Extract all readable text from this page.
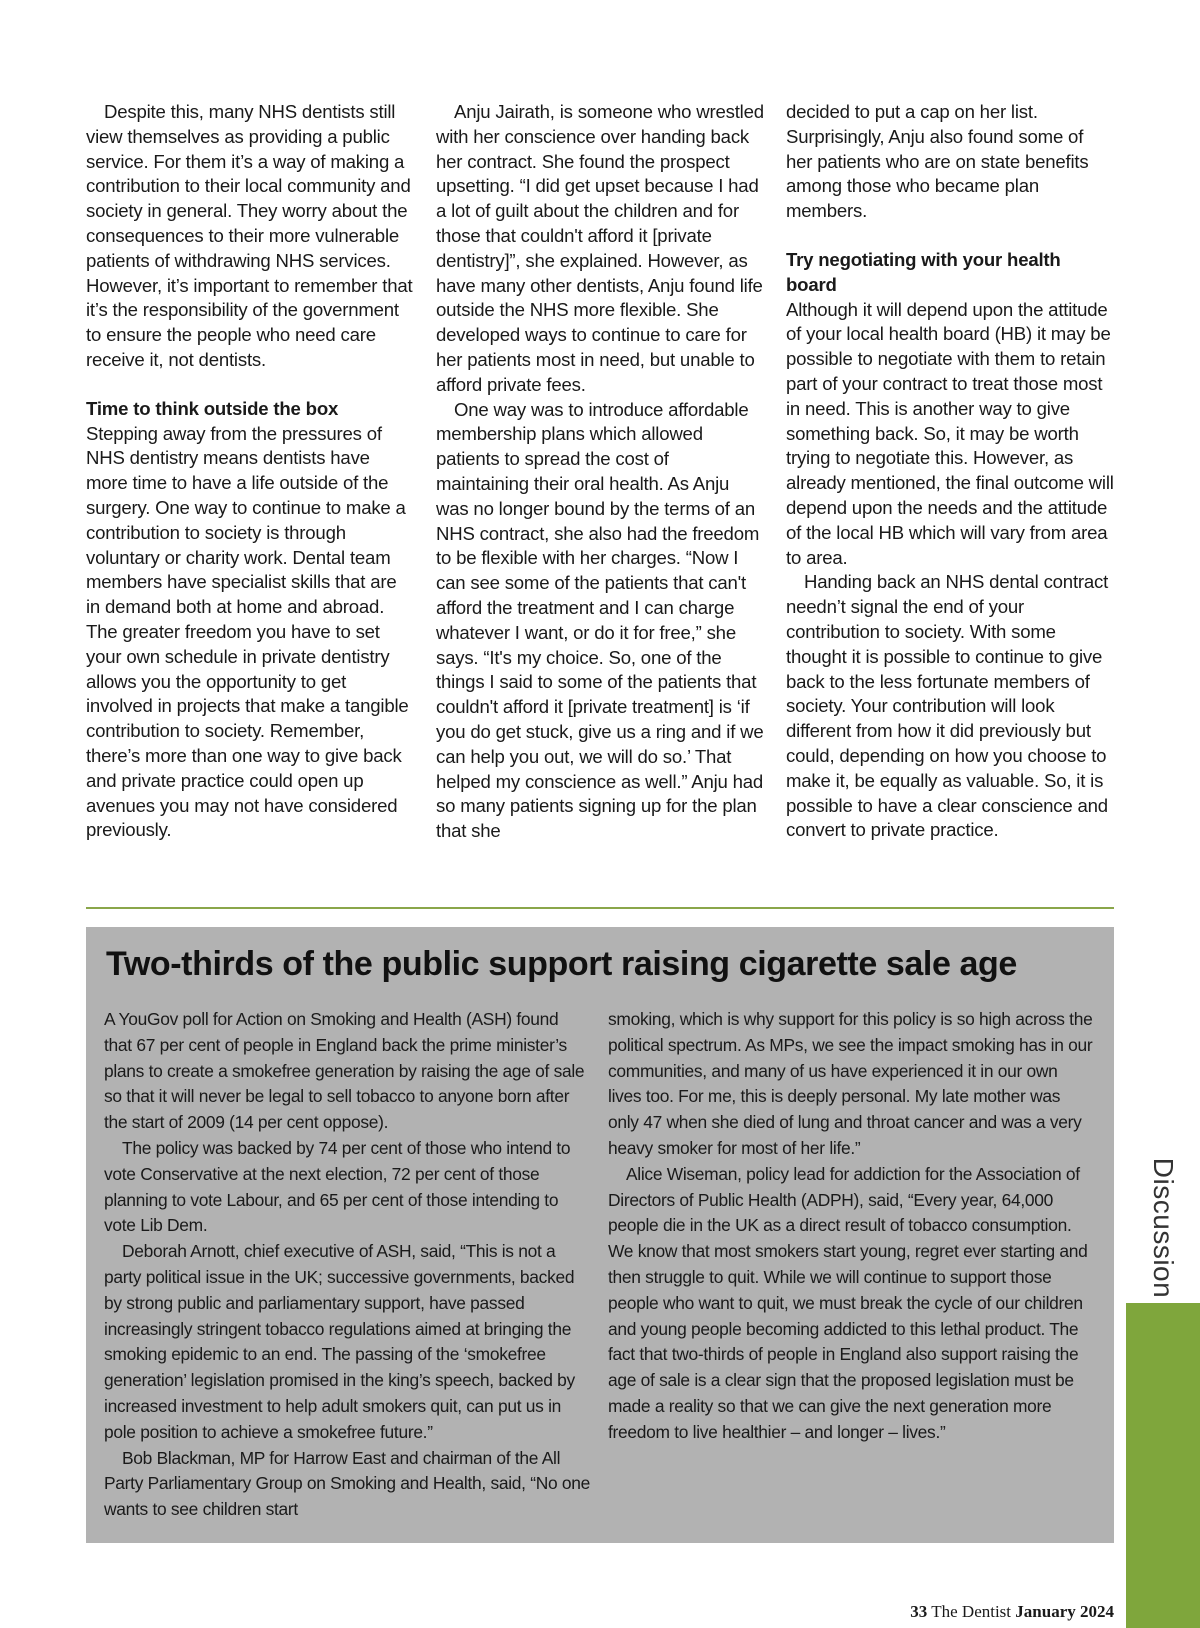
Despite this, many NHS dentists still view themselves as providing a public service. For them it’s a way of making a contribution to their local community and society in general. They worry about the consequences to their more vulnerable patients of withdrawing NHS services. However, it’s important to remember that it’s the responsibility of the government to ensure the people who need care receive it, not dentists.

Time to think outside the box

Stepping away from the pressures of NHS dentistry means dentists have more time to have a life outside of the surgery. One way to continue to make a contribution to society is through voluntary or charity work. Dental team members have specialist skills that are in demand both at home and abroad. The greater freedom you have to set your own schedule in private dentistry allows you the opportunity to get involved in projects that make a tangible contribution to society. Remember, there’s more than one way to give back and private practice could open up avenues you may not have considered previously.

Anju Jairath, is someone who wrestled with her conscience over handing back her contract. She found the prospect upsetting. “I did get upset because I had a lot of guilt about the children and for those that couldn't afford it [private dentistry]”, she explained. However, as have many other dentists, Anju found life outside the NHS more flexible. She developed ways to continue to care for her patients most in need, but unable to afford private fees.

One way was to introduce affordable membership plans which allowed patients to spread the cost of maintaining their oral health. As Anju was no longer bound by the terms of an NHS contract, she also had the freedom to be flexible with her charges. “Now I can see some of the patients that can't afford the treatment and I can charge whatever I want, or do it for free,” she says. “It's my choice. So, one of the things I said to some of the patients that couldn't afford it [private treatment] is ‘if you do get stuck, give us a ring and if we can help you out, we will do so.’ That helped my conscience as well.” Anju had so many patients signing up for the plan that she

decided to put a cap on her list. Surprisingly, Anju also found some of her patients who are on state benefits among those who became plan members.

Try negotiating with your health board

Although it will depend upon the attitude of your local health board (HB) it may be possible to negotiate with them to retain part of your contract to treat those most in need. This is another way to give something back. So, it may be worth trying to negotiate this. However, as already mentioned, the final outcome will depend upon the needs and the attitude of the local HB which will vary from area to area.

Handing back an NHS dental contract needn’t signal the end of your contribution to society. With some thought it is possible to continue to give back to the less fortunate members of society. Your contribution will look different from how it did previously but could, depending on how you choose to make it, be equally as valuable. So, it is possible to have a clear conscience and convert to private practice.

Two-thirds of the public support raising cigarette sale age

A YouGov poll for Action on Smoking and Health (ASH) found that 67 per cent of people in England back the prime minister’s plans to create a smokefree generation by raising the age of sale so that it will never be legal to sell tobacco to anyone born after the start of 2009 (14 per cent oppose).

The policy was backed by 74 per cent of those who intend to vote Conservative at the next election, 72 per cent of those planning to vote Labour, and 65 per cent of those intending to vote Lib Dem.

Deborah Arnott, chief executive of ASH, said, “This is not a party political issue in the UK; successive governments, backed by strong public and parliamentary support, have passed increasingly stringent tobacco regulations aimed at bringing the smoking epidemic to an end. The passing of the ‘smokefree generation’ legislation promised in the king’s speech, backed by increased investment to help adult smokers quit, can put us in pole position to achieve a smokefree future.”

Bob Blackman, MP for Harrow East and chairman of the All Party Parliamentary Group on Smoking and Health, said, “No one wants to see children start

smoking, which is why support for this policy is so high across the political spectrum. As MPs, we see the impact smoking has in our communities, and many of us have experienced it in our own lives too. For me, this is deeply personal. My late mother was only 47 when she died of lung and throat cancer and was a very heavy smoker for most of her life.”

Alice Wiseman, policy lead for addiction for the Association of Directors of Public Health (ADPH), said, “Every year, 64,000 people die in the UK as a direct result of tobacco consumption. We know that most smokers start young, regret ever starting and then struggle to quit. While we will continue to support those people who want to quit, we must break the cycle of our children and young people becoming addicted to this lethal product. The fact that two-thirds of people in England also support raising the age of sale is a clear sign that the proposed legislation must be made a reality so that we can give the next generation more freedom to live healthier – and longer – lives.”

Discussion
33 The Dentist January 2024
